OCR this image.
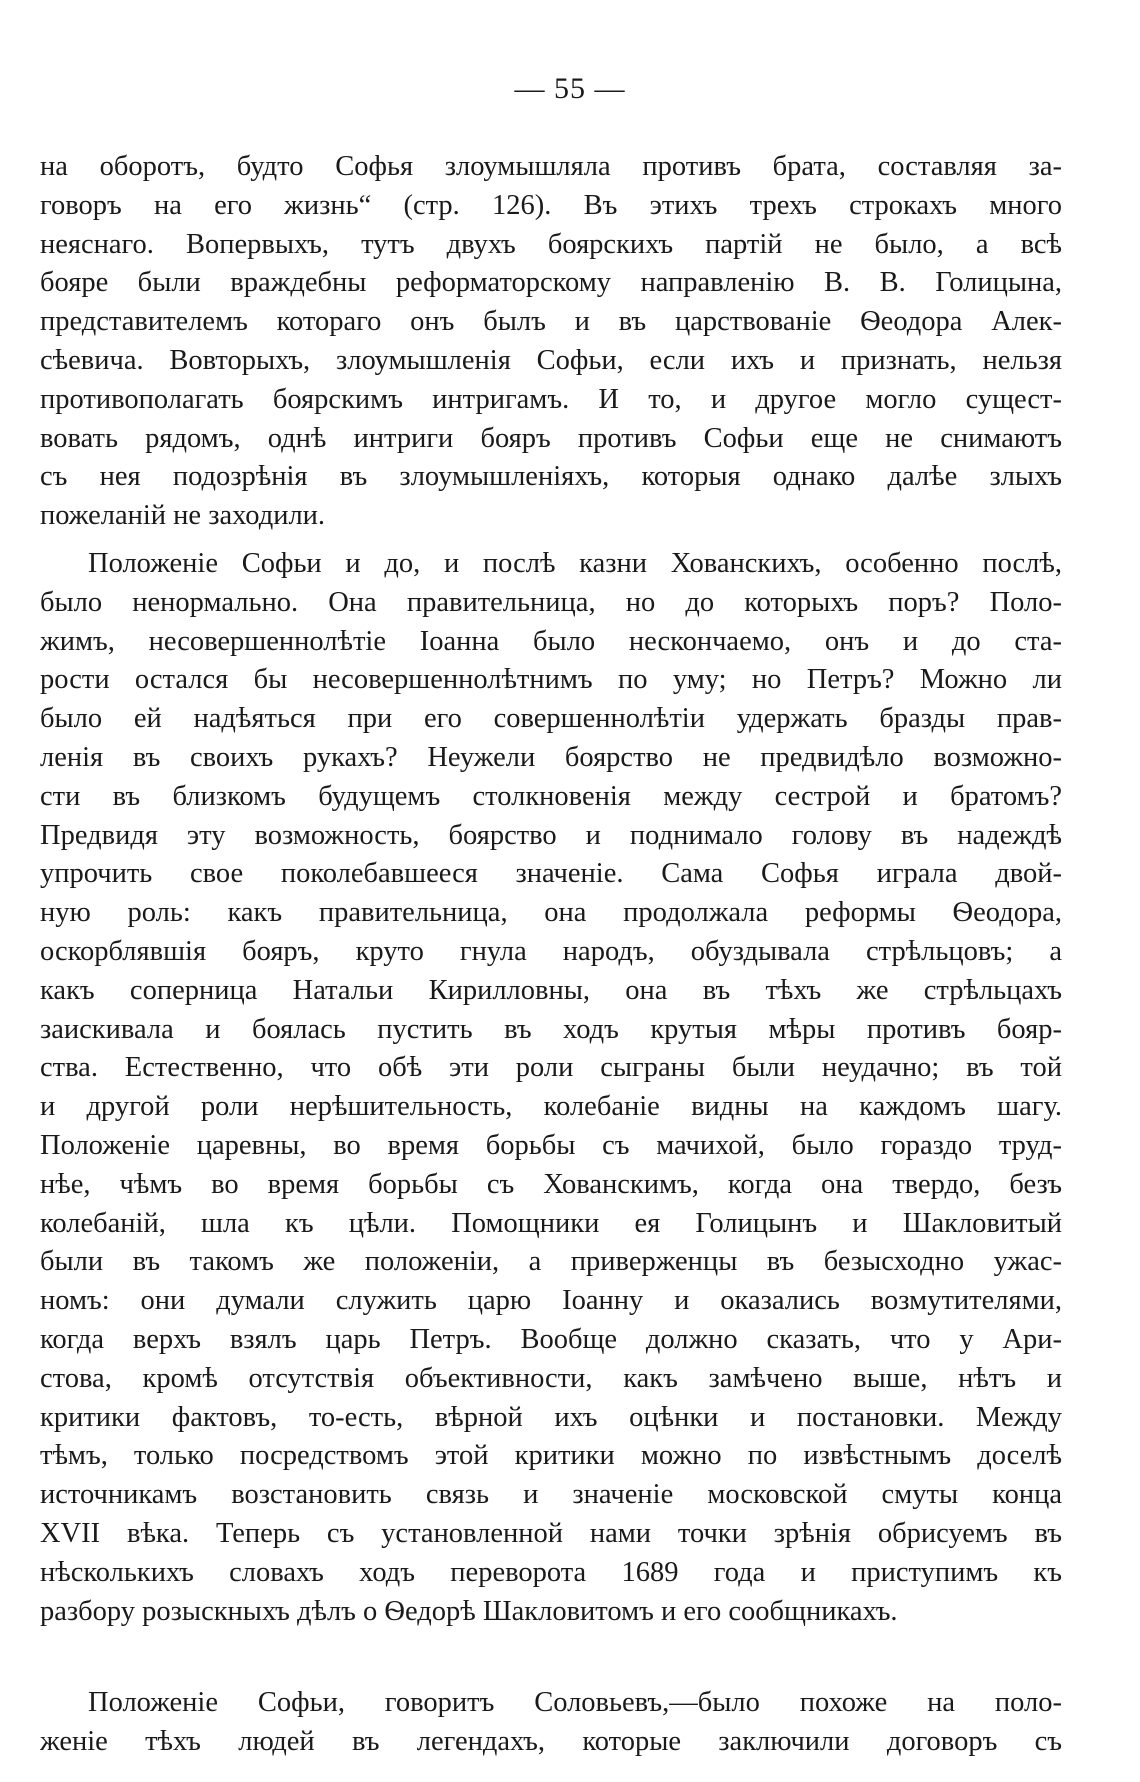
— 55 —
на оборотъ, будто Софья злоумышляла противъ брата, составляя за-
говоръ на его жизнь“ (стр. 126). Въ этихъ трехъ строкахъ много
неяснаго. Вопервыхъ, тутъ двухъ боярскихъ партій не было, а всѣ
бояре были враждебны реформаторскому направленію В. В. Голицына,
представителемъ котораго онъ былъ и въ царствованіе Ѳеодора Алек-
сѣевича. Вовторыхъ, злоумышленія Софьи, если ихъ и признать, нельзя
противополагать боярскимъ интригамъ. И то, и другое могло сущест-
вовать рядомъ, однѣ интриги бояръ противъ Софьи еще не снимаютъ
съ нея подозрѣнія въ злоумышленіяхъ, которыя однако далѣе злыхъ
пожеланій не заходили.
Положеніе Софьи и до, и послѣ казни Хованскихъ, особенно послѣ,
было ненормально. Она правительница, но до которыхъ поръ? Поло-
жимъ, несовершеннолѣтіе Іоанна было нескончаемо, онъ и до ста-
рости остался бы несовершеннолѣтнимъ по уму; но Петръ? Можно ли
было ей надѣяться при его совершеннолѣтіи удержать бразды прав-
ленія въ своихъ рукахъ? Неужели боярство не предвидѣло возможно-
сти въ близкомъ будущемъ столкновенія между сестрой и братомъ?
Предвидя эту возможность, боярство и поднимало голову въ надеждѣ
упрочить свое поколебавшееся значеніе. Сама Софья играла двой-
ную роль: какъ правительница, она продолжала реформы Ѳеодора,
оскорблявшія бояръ, круто гнула народъ, обуздывала стрѣльцовъ; а
какъ соперница Натальи Кирилловны, она въ тѣхъ же стрѣльцахъ
заискивала и боялась пустить въ ходъ крутыя мѣры противъ бояр-
ства. Естественно, что обѣ эти роли сыграны были неудачно; въ той
и другой роли нерѣшительность, колебаніе видны на каждомъ шагу.
Положеніе царевны, во время борьбы съ мачихой, было гораздо труд-
нѣе, чѣмъ во время борьбы съ Хованскимъ, когда она твердо, безъ
колебаній, шла къ цѣли. Помощники ея Голицынъ и Шакловитый
были въ такомъ же положеніи, а приверженцы въ безысходно ужас-
номъ: они думали служить царю Іоанну и оказались возмутителями,
когда верхъ взялъ царь Петръ. Вообще должно сказать, что у Ари-
стова, кромѣ отсутствія объективности, какъ замѣчено выше, нѣтъ и
критики фактовъ, то-есть, вѣрной ихъ оцѣнки и постановки. Между
тѣмъ, только посредствомъ этой критики можно по извѣстнымъ доселѣ
источникамъ возстановить связь и значеніе московской смуты конца
XVII вѣка. Теперь съ установленной нами точки зрѣнія обрисуемъ въ
нѣсколькихъ словахъ ходъ переворота 1689 года и приступимъ къ
разбору розыскныхъ дѣлъ о Ѳедорѣ Шакловитомъ и его сообщникахъ.
Положеніе Софьи, говоритъ Соловьевъ,—было похоже на поло-
женіе тѣхъ людей въ легендахъ, которые заключили договоръ съ
